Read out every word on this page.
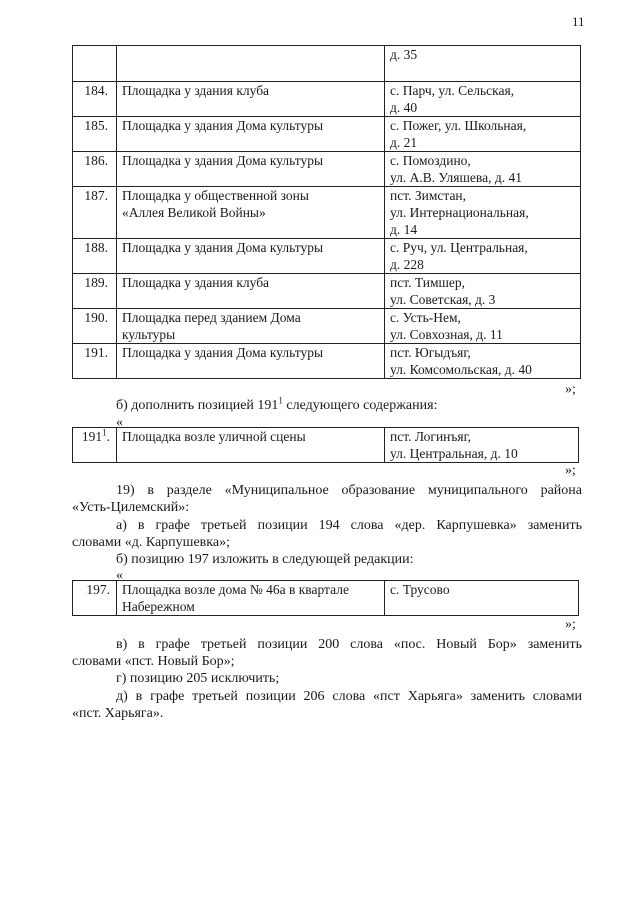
11
		д. 35
184.	Площадка у здания клуба	с. Парч, ул. Сельская,
д. 40
185.	Площадка у здания Дома культуры	с. Пожег, ул. Школьная,
д. 21
186.	Площадка у здания Дома культуры	с. Помоздино,
ул. А.В. Уляшева, д. 41
187.	Площадка у общественной зоны
«Аллея Великой Войны»	пст. Зимстан,
ул. Интернациональная,
д. 14
188.	Площадка у здания Дома культуры	с. Руч, ул. Центральная,
д. 228
189.	Площадка у здания клуба	пст. Тимшер,
ул. Советская, д. 3
190.	Площадка перед зданием Дома
культуры	с. Усть-Нем,
ул. Совхозная, д. 11
191.	Площадка у здания Дома культуры	пст. Югыдъяг,
ул. Комсомольская, д. 40
»;
б) дополнить позицией $191^1$ следующего содержания:
«
$191^1$.	Площадка возле уличной сцены	пст. Логинъяг,
ул. Центральная, д. 10
»;
19) в разделе «Муниципальное образование муниципального района
«Усть-Цилемский»:
а) в графе третьей позиции 194 слова «дер. Карпушевка» заменить
словами «д. Карпушевка»;
б) позицию 197 изложить в следующей редакции:
«
197.	Площадка возле дома № 46а в квартале
Набережном	с. Трусово
»;
в) в графе третьей позиции 200 слова «пос. Новый Бор» заменить
словами «пст. Новый Бор»;
г) позицию 205 исключить;
д) в графе третьей позиции 206 слова «пст Харьяга» заменить словами
«пст. Харьяга».
